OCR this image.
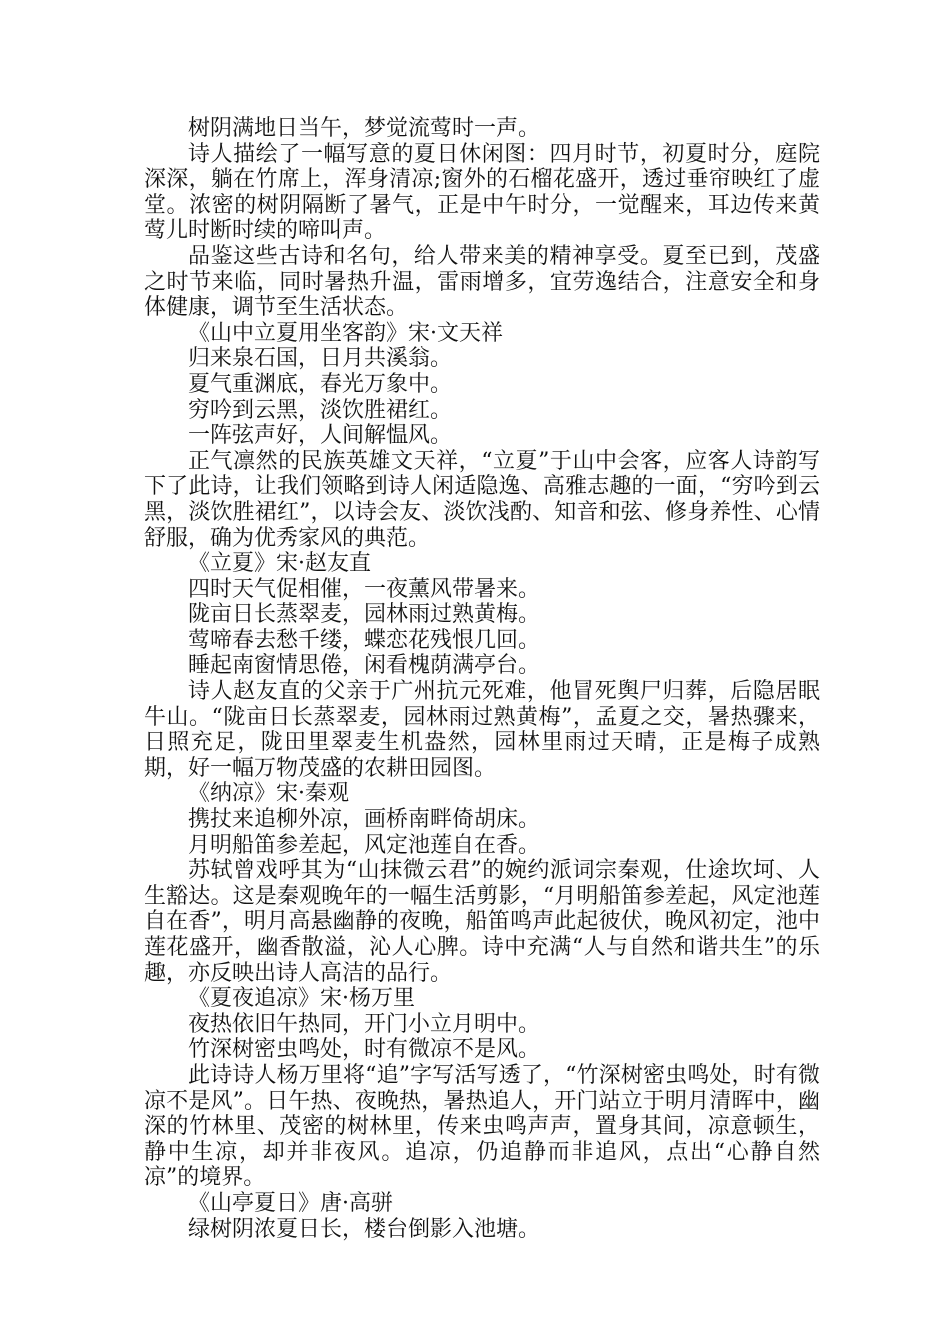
树阴满地日当午，梦觉流莺时一声。

诗人描绘了一幅写意的夏日休闲图：四月时节，初夏时分，庭院深深，躺在竹席上，浑身清凉;窗外的石榴花盛开，透过垂帘映红了虚堂。浓密的树阴隔断了暑气，正是中午时分，一觉醒来，耳边传来黄莺儿时断时续的啼叫声。

品鉴这些古诗和名句，给人带来美的精神享受。夏至已到，茂盛之时节来临，同时暑热升温，雷雨增多，宜劳逸结合，注意安全和身体健康，调节至生活状态。

《山中立夏用坐客韵》宋·文天祥

归来泉石国，日月共溪翁。

夏气重渊底，春光万象中。

穷吟到云黑，淡饮胜裙红。

一阵弦声好，人间解愠风。

正气凛然的民族英雄文天祥，“立夏”于山中会客，应客人诗韵写下了此诗，让我们领略到诗人闲适隐逸、高雅志趣的一面，“穷吟到云黑，淡饮胜裙红”，以诗会友、淡饮浅酌、知音和弦、修身养性、心情舒服，确为优秀家风的典范。

《立夏》宋·赵友直

四时天气促相催，一夜薰风带暑来。

陇亩日长蒸翠麦，园林雨过熟黄梅。

莺啼春去愁千缕，蝶恋花残恨几回。

睡起南窗情思倦，闲看槐荫满亭台。

诗人赵友直的父亲于广州抗元死难，他冒死舆尸归葬，后隐居眠牛山。“陇亩日长蒸翠麦，园林雨过熟黄梅”，孟夏之交，暑热骤来，日照充足，陇田里翠麦生机盎然，园林里雨过天晴，正是梅子成熟期，好一幅万物茂盛的农耕田园图。

《纳凉》宋·秦观

携扙来追柳外凉，画桥南畔倚胡床。

月明船笛参差起，风定池莲自在香。

苏轼曾戏呼其为“山抹微云君”的婉约派词宗秦观，仕途坎坷、人生豁达。这是秦观晚年的一幅生活剪影，“月明船笛参差起，风定池莲自在香”，明月高悬幽静的夜晚，船笛鸣声此起彼伏，晚风初定，池中莲花盛开，幽香散溢，沁人心脾。诗中充满“人与自然和谐共生”的乐趣，亦反映出诗人高洁的品行。

《夏夜追凉》宋·杨万里

夜热依旧午热同，开门小立月明中。

竹深树密虫鸣处，时有微凉不是风。

此诗诗人杨万里将“追”字写活写透了，“竹深树密虫鸣处，时有微凉不是风”。日午热、夜晚热，暑热追人，开门站立于明月清晖中，幽深的竹林里、茂密的树林里，传来虫鸣声声，置身其间，凉意顿生，静中生凉，却并非夜风。追凉，仍追静而非追风，点出“心静自然凉”的境界。

《山亭夏日》唐·高骈

绿树阴浓夏日长，楼台倒影入池塘。
